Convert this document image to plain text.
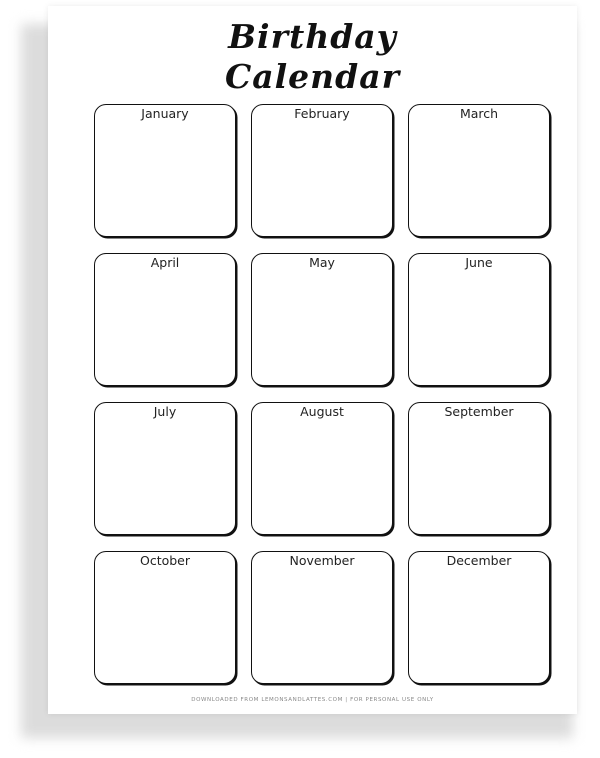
Birthday
Calendar
January	February	March
April	May	June
July	August	September
October	November	December
DOWNLOADED FROM LEMONSANDLATTES.COM | FOR PERSONAL USE ONLY
